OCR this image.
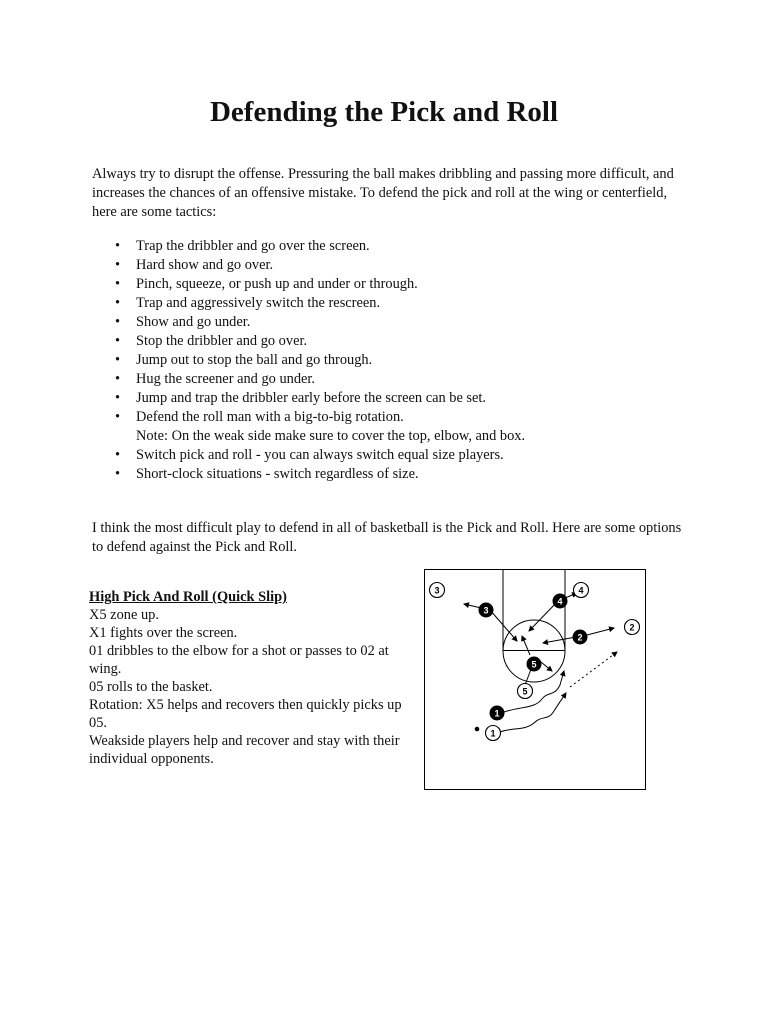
Defending the Pick and Roll

Always try to disrupt the offense. Pressuring the ball makes dribbling and passing more difficult, and increases the chances of an offensive mistake. To defend the pick and roll at the wing or centerfield, here are some tactics:

• Trap the dribbler and go over the screen.
• Hard show and go over.
• Pinch, squeeze, or push up and under or through.
• Trap and aggressively switch the rescreen.
• Show and go under.
• Stop the dribbler and go over.
• Jump out to stop the ball and go through.
• Hug the screener and go under.
• Jump and trap the dribbler early before the screen can be set.
• Defend the roll man with a big-to-big rotation.
Note: On the weak side make sure to cover the top, elbow, and box.
• Switch pick and roll - you can always switch equal size players.
• Short-clock situations - switch regardless of size.

I think the most difficult play to defend in all of basketball is the Pick and Roll. Here are some options to defend against the Pick and Roll.

High Pick And Roll (Quick Slip)

X5 zone up.

X1 fights over the screen.

01 dribbles to the elbow for a shot or passes to 02 at wing.

05 rolls to the basket.

Rotation: X5 helps and recovers then quickly picks up 05.

Weakside players help and recover and stay with their individual opponents.

3	4
2
5
1
3
4
2
5
1
